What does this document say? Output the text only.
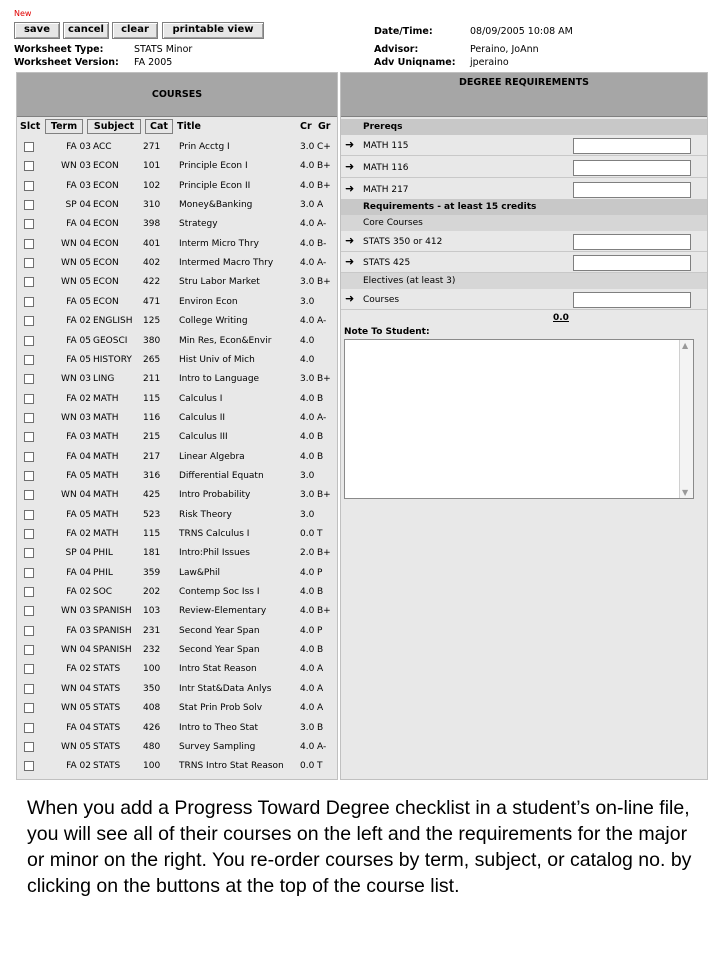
New
save	cancel	clear	printable view
Worksheet Type:	STATS Minor
Worksheet Version: FA 2005
Date/Time:	08/09/2005 10:08 AM
Advisor:	Peraino, JoAnn
Adv Uniqname: jperaino
COURSES
Slct	Term	Subject	Cat Title	Cr Gr
FA 03 ACC	271	Prin Acctg I	3.0 C+
WN 03 ECON	101	Principle Econ I	4.0 B+
FA 03 ECON	102	Principle Econ II	4.0 B+
SP 04 ECON	310	Money&Banking	3.0 A
FA 04 ECON	398	Strategy	4.0 A-
WN 04 ECON	401	Interm Micro Thry	4.0 B-
WN 05 ECON	402	Intermed Macro Thry	4.0 A-
WN 05 ECON	422	Stru Labor Market	3.0 B+
FA 05 ECON	471	Environ Econ	3.0
FA 02 ENGLISH	125	College Writing	4.0 A-
FA 05 GEOSCI	380	Min Res, Econ&Envir	4.0
FA 05 HISTORY	265	Hist Univ of Mich	4.0
WN 03 LING	211	Intro to Language	3.0 B+
FA 02 MATH	115	Calculus I	4.0 B
WN 03 MATH	116	Calculus II	4.0 A-
FA 03 MATH	215	Calculus III	4.0 B
FA 04 MATH	217	Linear Algebra	4.0 B
FA 05 MATH	316	Differential Equatn	3.0
WN 04 MATH	425	Intro Probability	3.0 B+
FA 05 MATH	523	Risk Theory	3.0
FA 02 MATH	115	TRNS Calculus I	0.0 T
SP 04 PHIL	181	Intro:Phil Issues	2.0 B+
FA 04 PHIL	359	Law&Phil	4.0 P
FA 02 SOC	202	Contemp Soc Iss I	4.0 B
WN 03 SPANISH	103	Review-Elementary	4.0 B+
FA 03 SPANISH	231	Second Year Span	4.0 P
WN 04 SPANISH	232	Second Year Span	4.0 B
FA 02 STATS	100	Intro Stat Reason	4.0 A
WN 04 STATS	350	Intr Stat&Data Anlys	4.0 A
WN 05 STATS	408	Stat Prin Prob Solv	4.0 A
FA 04 STATS	426	Intro to Theo Stat	3.0 B
WN 05 STATS	480	Survey Sampling	4.0 A-
FA 02 STATS	100	TRNS Intro Stat Reason	0.0 T
DEGREE REQUIREMENTS
Prereqs
➜ MATH 115
➜ MATH 116
➜ MATH 217
Requirements - at least 15 credits
Core Courses
➜ STATS 350 or 412
➜ STATS 425
Electives (at least 3)
➜ Courses
0.0
Note To Student:
▲
▼
When you add a Progress Toward Degree checklist in a student’s on-line file, you will see all of their courses on the left and the requirements for the major or minor on the right. You re-order courses by term, subject, or catalog no. by clicking on the buttons at the top of the course list.
